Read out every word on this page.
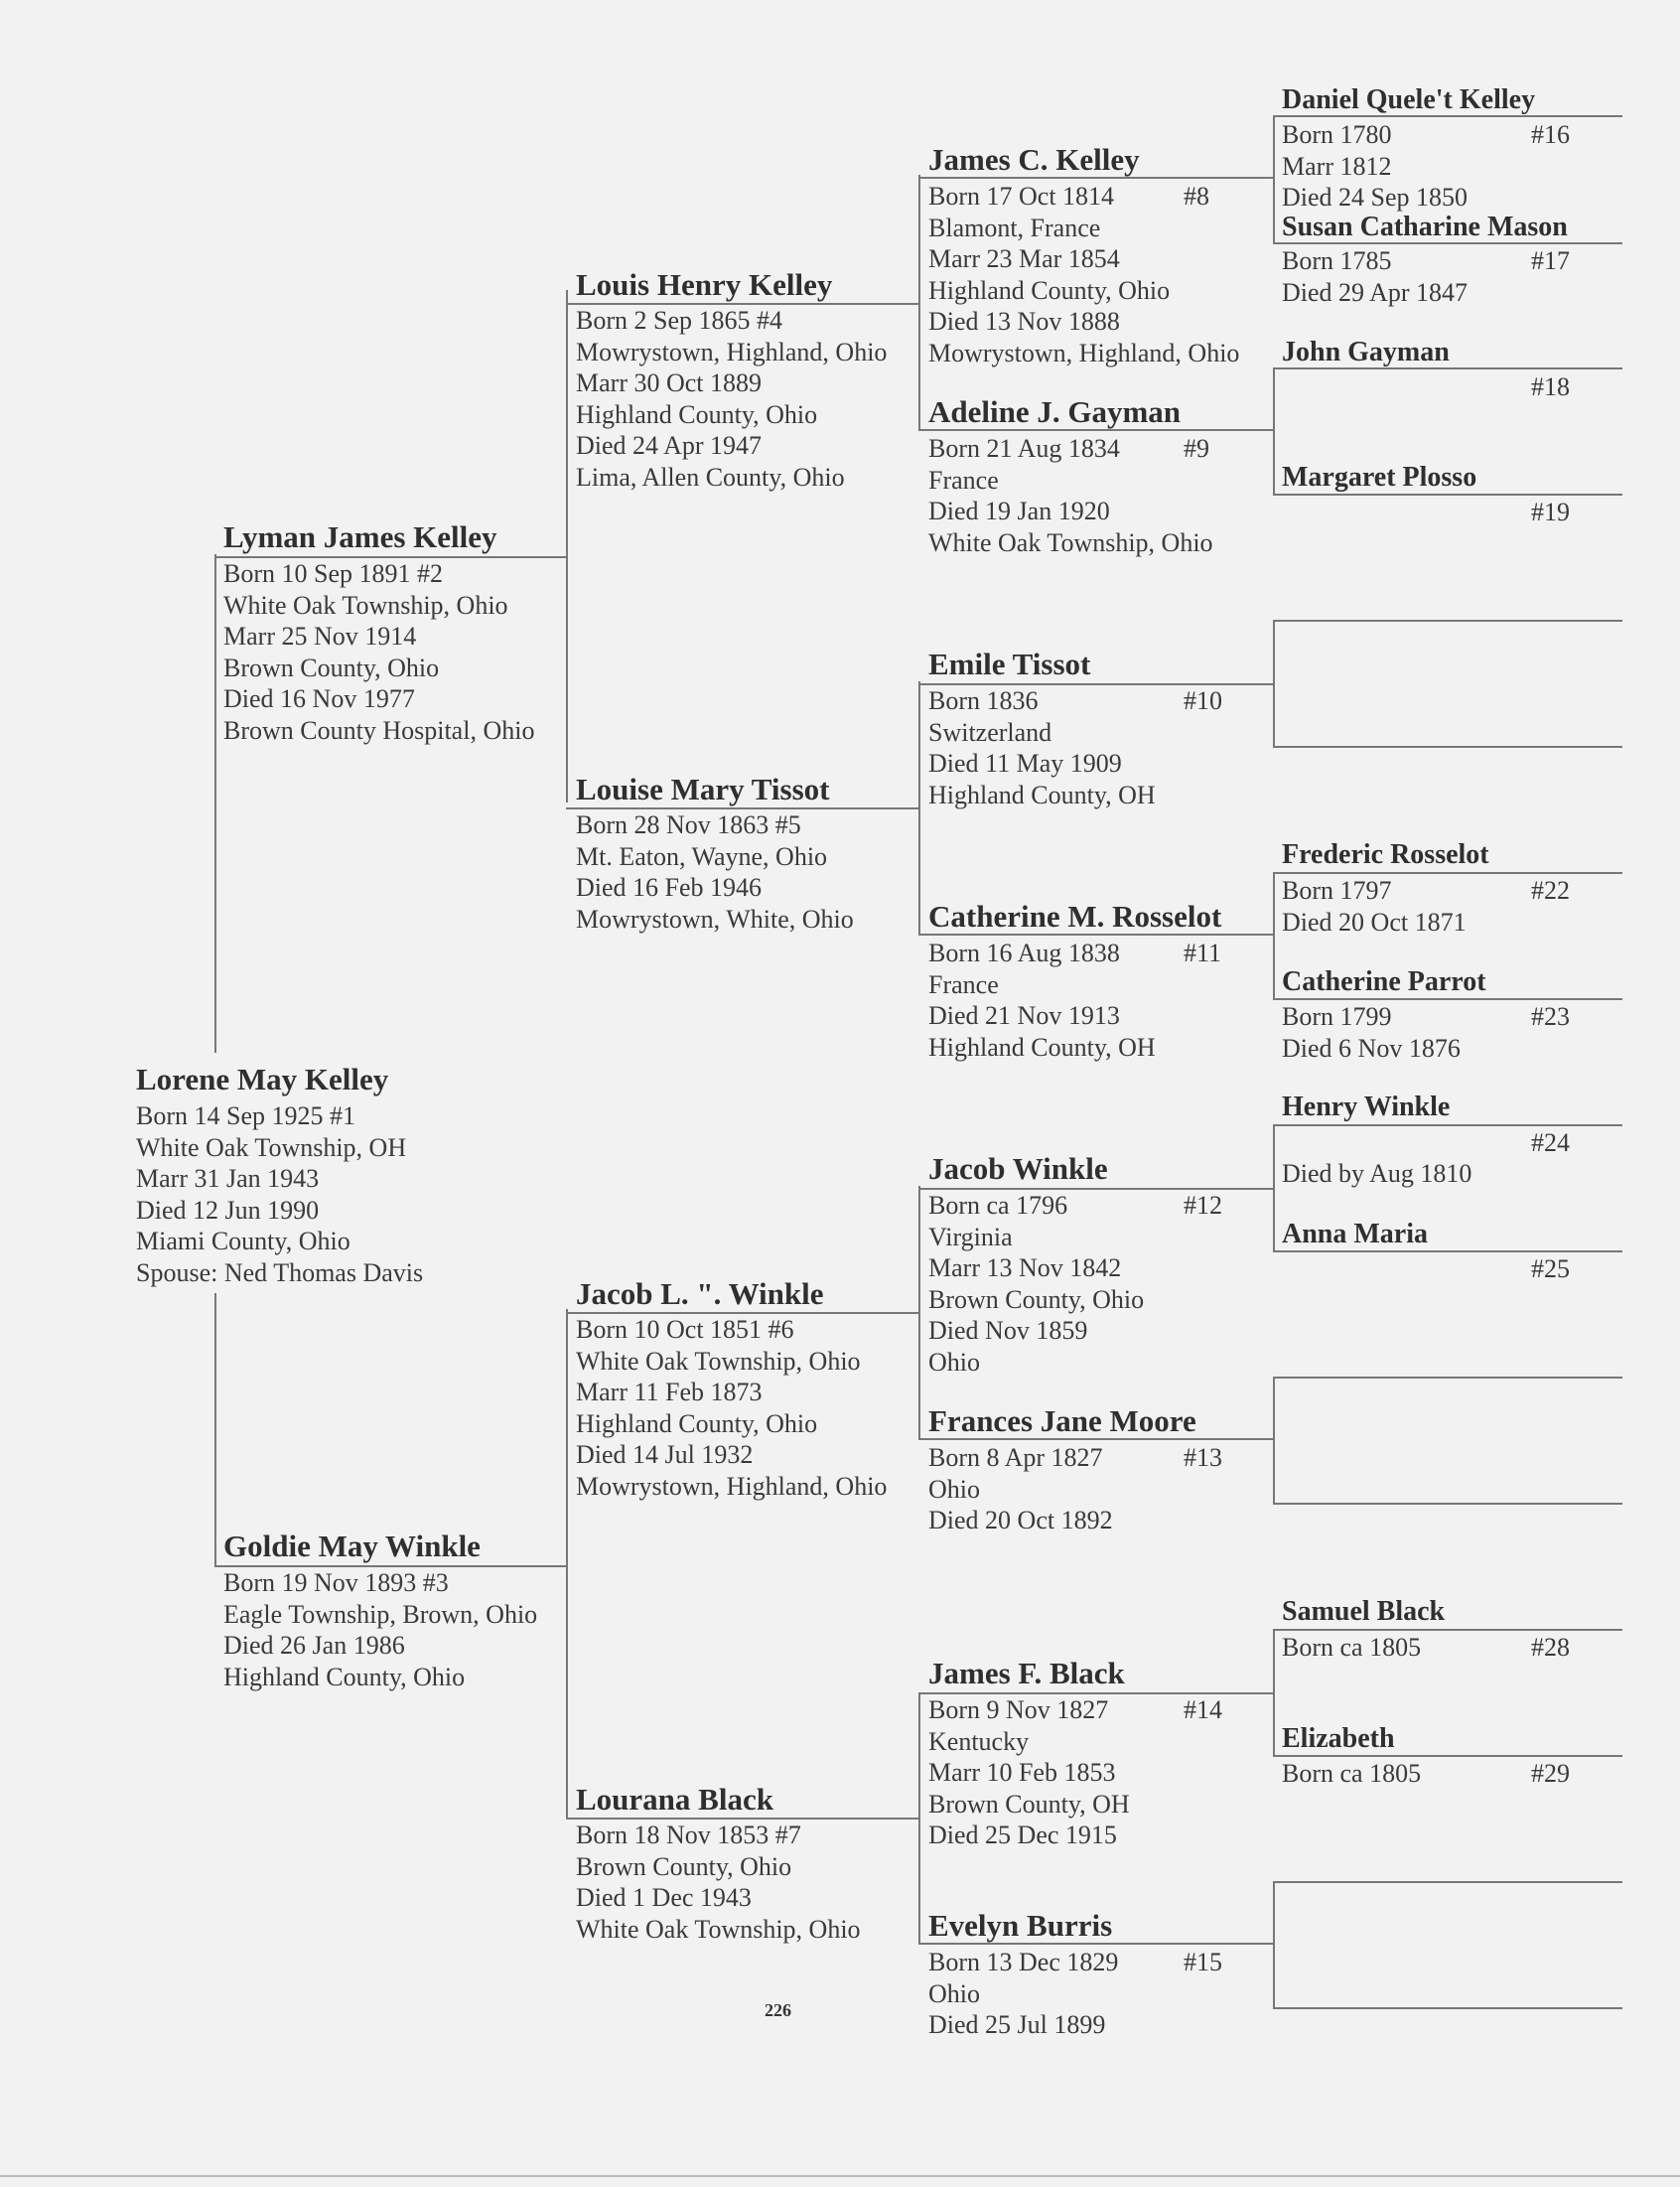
Lorene May Kelley
Born 14 Sep 1925 #1
White Oak Township, OH
Marr 31 Jan 1943
Died 12 Jun 1990
Miami County, Ohio
Spouse: Ned Thomas Davis
Lyman James Kelley
Born 10 Sep 1891 #2
White Oak Township, Ohio
Marr 25 Nov 1914
Brown County, Ohio
Died 16 Nov 1977
Brown County Hospital, Ohio
Goldie May Winkle
Born 19 Nov 1893 #3
Eagle Township, Brown, Ohio
Died 26 Jan 1986
Highland County, Ohio
Louis Henry Kelley
Born 2 Sep 1865 #4
Mowrystown, Highland, Ohio
Marr 30 Oct 1889
Highland County, Ohio
Died 24 Apr 1947
Lima, Allen County, Ohio
Louise Mary Tissot
Born 28 Nov 1863 #5
Mt. Eaton, Wayne, Ohio
Died 16 Feb 1946
Mowrystown, White, Ohio
Jacob L. ". Winkle
Born 10 Oct 1851 #6
White Oak Township, Ohio
Marr 11 Feb 1873
Highland County, Ohio
Died 14 Jul 1932
Mowrystown, Highland, Ohio
Lourana Black
Born 18 Nov 1853 #7
Brown County, Ohio
Died 1 Dec 1943
White Oak Township, Ohio
James C. Kelley
#8
Born 17 Oct 1814
Blamont, France
Marr 23 Mar 1854
Highland County, Ohio
Died 13 Nov 1888
Mowrystown, Highland, Ohio
Adeline J. Gayman
#9
Born 21 Aug 1834
France
Died 19 Jan 1920
White Oak Township, Ohio
Emile Tissot
#10
Born 1836
Switzerland
Died 11 May 1909
Highland County, OH
Catherine M. Rosselot
#11
Born 16 Aug 1838
France
Died 21 Nov 1913
Highland County, OH
Jacob Winkle
#12
Born ca 1796
Virginia
Marr 13 Nov 1842
Brown County, Ohio
Died Nov 1859
Ohio
Frances Jane Moore
#13
Born 8 Apr 1827
Ohio
Died 20 Oct 1892
James F. Black
#14
Born 9 Nov 1827
Kentucky
Marr 10 Feb 1853
Brown County, OH
Died 25 Dec 1915
Evelyn Burris
#15
Born 13 Dec 1829
Ohio
Died 25 Jul 1899
Daniel Quele't Kelley
#16
Born 1780
Marr 1812
Died 24 Sep 1850
Susan Catharine Mason
#17
Born 1785
Died 29 Apr 1847
John Gayman
#18
Margaret Plosso
#19
Frederic Rosselot
#22
Born 1797
Died 20 Oct 1871
Catherine Parrot
#23
Born 1799
Died 6 Nov 1876
Henry Winkle
#24
Died by Aug 1810
Anna Maria
#25
Samuel Black
#28
Born ca 1805
Elizabeth
#29
Born ca 1805
226
